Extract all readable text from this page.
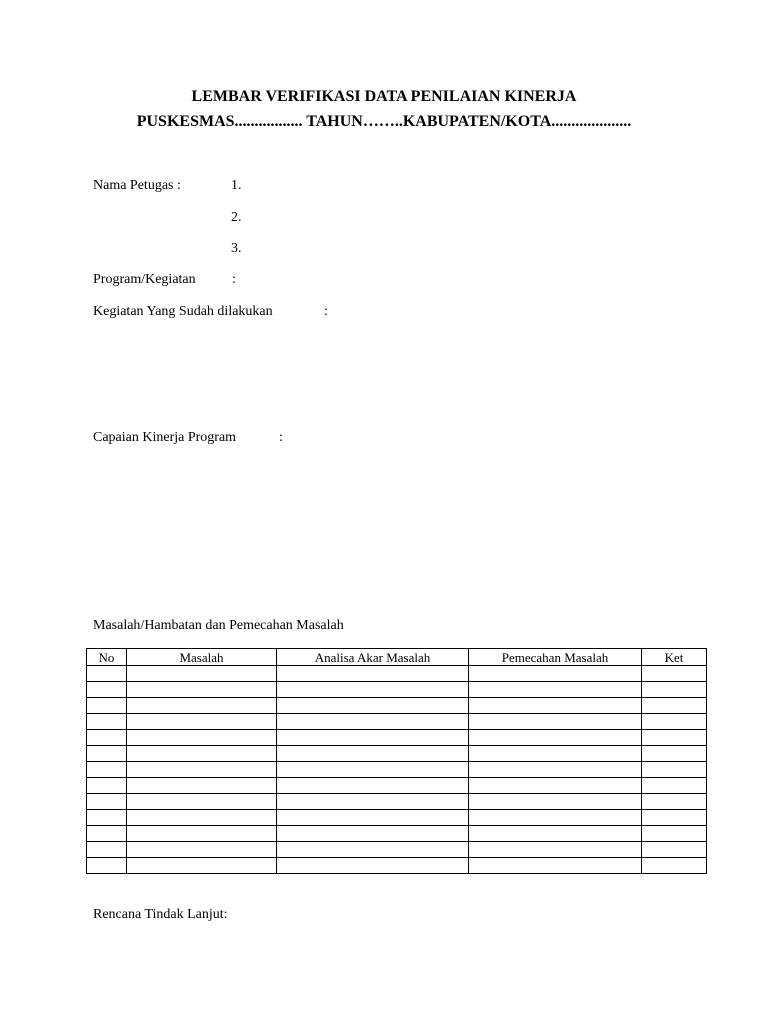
LEMBAR VERIFIKASI DATA PENILAIAN KINERJA
PUSKESMAS................. TAHUN……..KABUPATEN/KOTA....................
Nama Petugas :	1.
2.
3.
Program/Kegiatan	:
Kegiatan Yang Sudah dilakukan	:
Capaian Kinerja Program	:
Masalah/Hambatan dan Pemecahan Masalah
No	Masalah	Analisa Akar Masalah	Pemecahan Masalah	Ket

Rencana Tindak Lanjut:
